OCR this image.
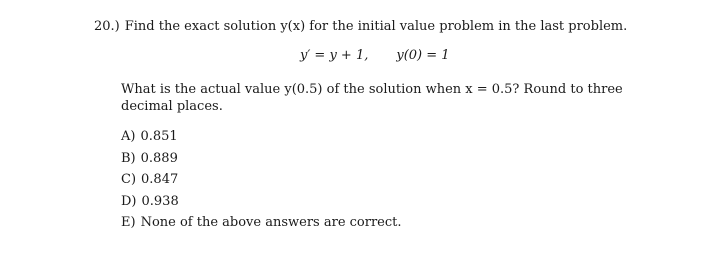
20.) Find the exact solution y(x) for the initial value problem in the last problem.
y′ = y + 1, y(0) = 1
What is the actual value y(0.5) of the solution when x = 0.5? Round to three decimal places.
A) 0.851
B) 0.889
C) 0.847
D) 0.938
E) None of the above answers are correct.
